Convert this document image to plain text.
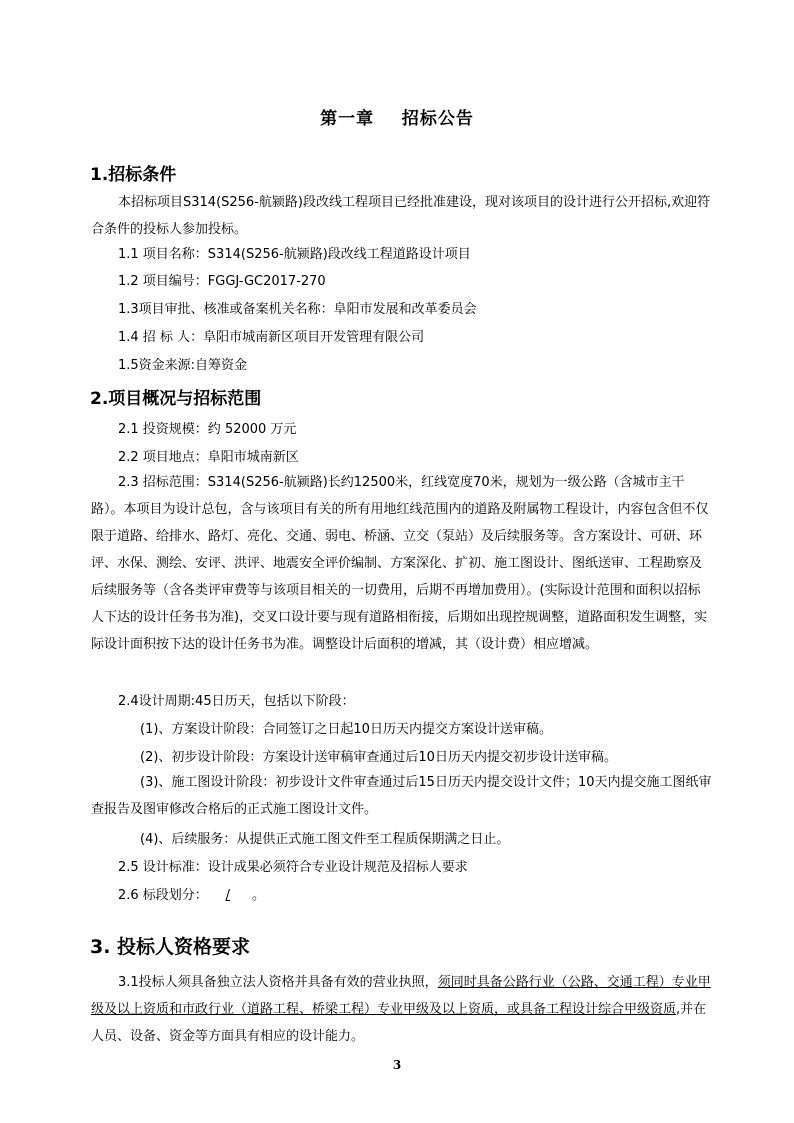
第一章    招标公告
1.招标条件
本招标项目S314(S256-航颍路)段改线工程项目已经批准建设，现对该项目的设计进行公开招标,欢迎符合条件的投标人参加投标。
1.1 项目名称：S314(S256-航颍路)段改线工程道路设计项目
1.2 项目编号：FGGJ-GC2017-270
1.3项目审批、核准或备案机关名称：阜阳市发展和改革委员会
1.4 招 标 人：阜阳市城南新区项目开发管理有限公司
1.5资金来源:自筹资金
2.项目概况与招标范围
2.1 投资规模：约 52000 万元
2.2 项目地点：阜阳市城南新区
2.3 招标范围：S314(S256-航颍路)长约12500米，红线宽度70米，规划为一级公路（含城市主干路）。本项目为设计总包，含与该项目有关的所有用地红线范围内的道路及附属物工程设计，内容包含但不仅限于道路、给排水、路灯、亮化、交通、弱电、桥涵、立交（泵站）及后续服务等。含方案设计、可研、环评、水保、测绘、安评、洪评、地震安全评价编制、方案深化、扩初、施工图设计、图纸送审、工程勘察及后续服务等（含各类评审费等与该项目相关的一切费用，后期不再增加费用）。(实际设计范围和面积以招标人下达的设计任务书为准)，交叉口设计要与现有道路相衔接，后期如出现控规调整，道路面积发生调整，实际设计面积按下达的设计任务书为准。调整设计后面积的增减，其（设计费）相应增减。
2.4设计周期:45日历天，包括以下阶段：
(1)、方案设计阶段：合同签订之日起10日历天内提交方案设计送审稿。
(2)、初步设计阶段：方案设计送审稿审查通过后10日历天内提交初步设计送审稿。
(3)、施工图设计阶段：初步设计文件审查通过后15日历天内提交设计文件；10天内提交施工图纸审查报告及图审修改合格后的正式施工图设计文件。
(4)、后续服务：从提供正式施工图文件至工程质保期满之日止。
2.5 设计标准：设计成果必须符合专业设计规范及招标人要求
2.6 标段划分： / 。
3. 投标人资格要求
3.1投标人须具备独立法人资格并具备有效的营业执照，须同时具备公路行业（公路、交通工程）专业甲级及以上资质和市政行业（道路工程、桥梁工程）专业甲级及以上资质，或具备工程设计综合甲级资质,并在人员、设备、资金等方面具有相应的设计能力。
3
